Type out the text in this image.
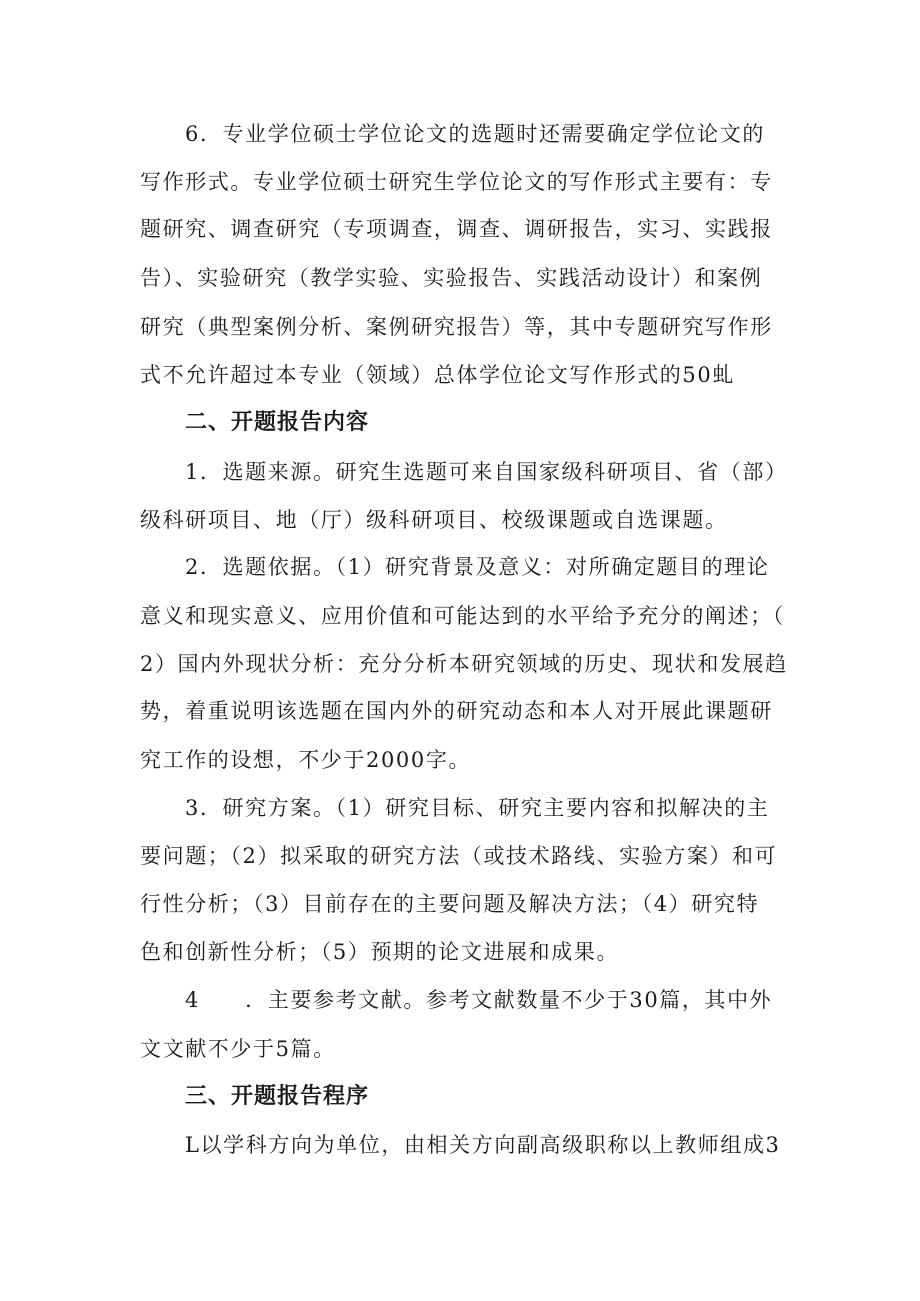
6．专业学位硕士学位论文的选题时还需要确定学位论文的
写作形式。专业学位硕士研究生学位论文的写作形式主要有：专
题研究、调查研究（专项调查，调查、调研报告，实习、实践报
告）、实验研究（教学实验、实验报告、实践活动设计）和案例
研究（典型案例分析、案例研究报告）等，其中专题研究写作形
式不允许超过本专业（领域）总体学位论文写作形式的50虬
二、开题报告内容
1．选题来源。研究生选题可来自国家级科研项目、省（部）
级科研项目、地（厅）级科研项目、校级课题或自选课题。
2．选题依据。（1）研究背景及意义：对所确定题目的理论
意义和现实意义、应用价值和可能达到的水平给予充分的阐述；（
2）国内外现状分析：充分分析本研究领域的历史、现状和发展趋
势，着重说明该选题在国内外的研究动态和本人对开展此课题研
究工作的设想，不少于2000字。
3．研究方案。（1）研究目标、研究主要内容和拟解决的主
要问题；（2）拟采取的研究方法（或技术路线、实验方案）和可
行性分析；（3）目前存在的主要问题及解决方法；（4）研究特
色和创新性分析；（5）预期的论文进展和成果。
4　　．主要参考文献。参考文献数量不少于30篇，其中外
文文献不少于5篇。
三、开题报告程序
L以学科方向为单位，由相关方向副高级职称以上教师组成3
